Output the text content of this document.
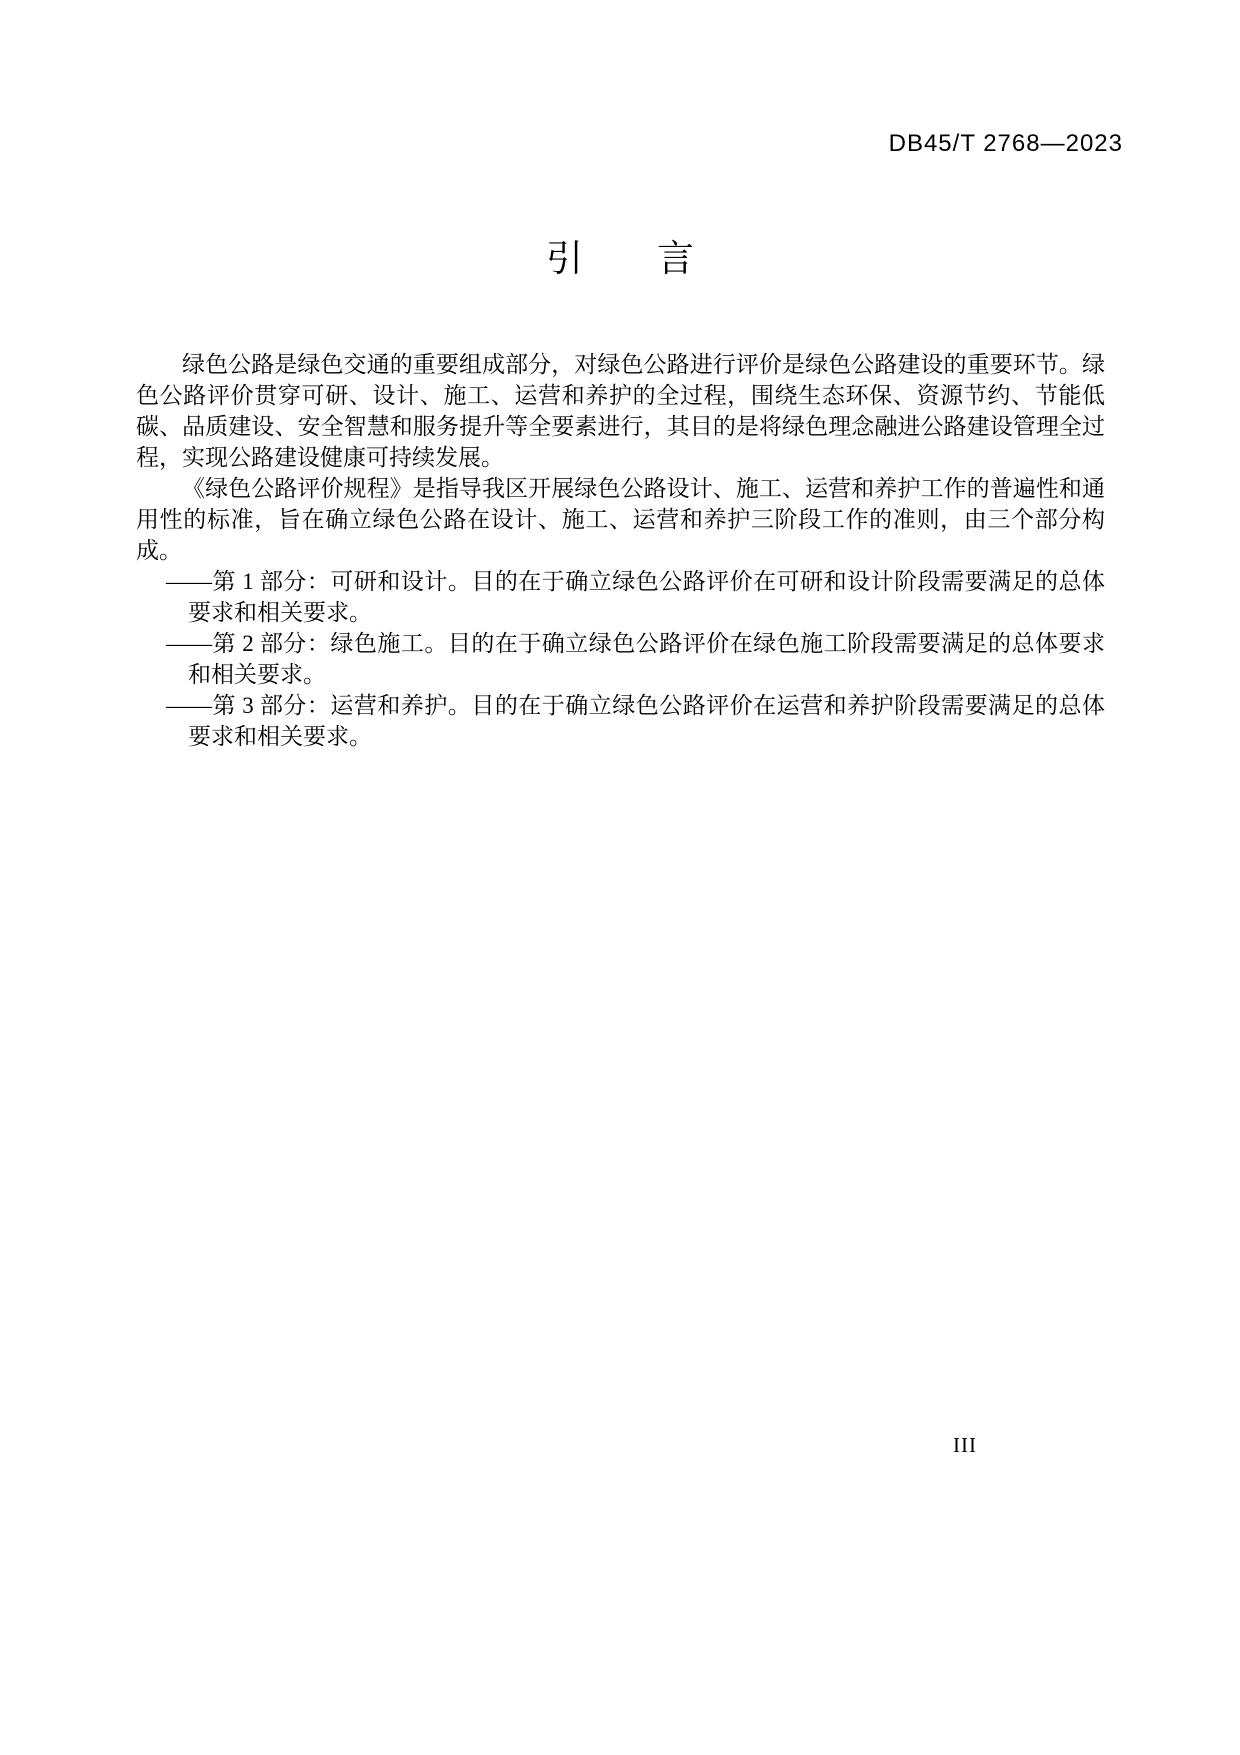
DB45/T 2768—2023
引　　言

绿色公路是绿色交通的重要组成部分，对绿色公路进行评价是绿色公路建设的重要环节。绿色公路评价贯穿可研、设计、施工、运营和养护的全过程，围绕生态环保、资源节约、节能低碳、品质建设、安全智慧和服务提升等全要素进行，其目的是将绿色理念融进公路建设管理全过程，实现公路建设健康可持续发展。

《绿色公路评价规程》是指导我区开展绿色公路设计、施工、运营和养护工作的普遍性和通用性的标准，旨在确立绿色公路在设计、施工、运营和养护三阶段工作的准则，由三个部分构成。

——第 1 部分：可研和设计。目的在于确立绿色公路评价在可研和设计阶段需要满足的总体要求和相关要求。

——第 2 部分：绿色施工。目的在于确立绿色公路评价在绿色施工阶段需要满足的总体要求和相关要求。

——第 3 部分：运营和养护。目的在于确立绿色公路评价在运营和养护阶段需要满足的总体要求和相关要求。

III
